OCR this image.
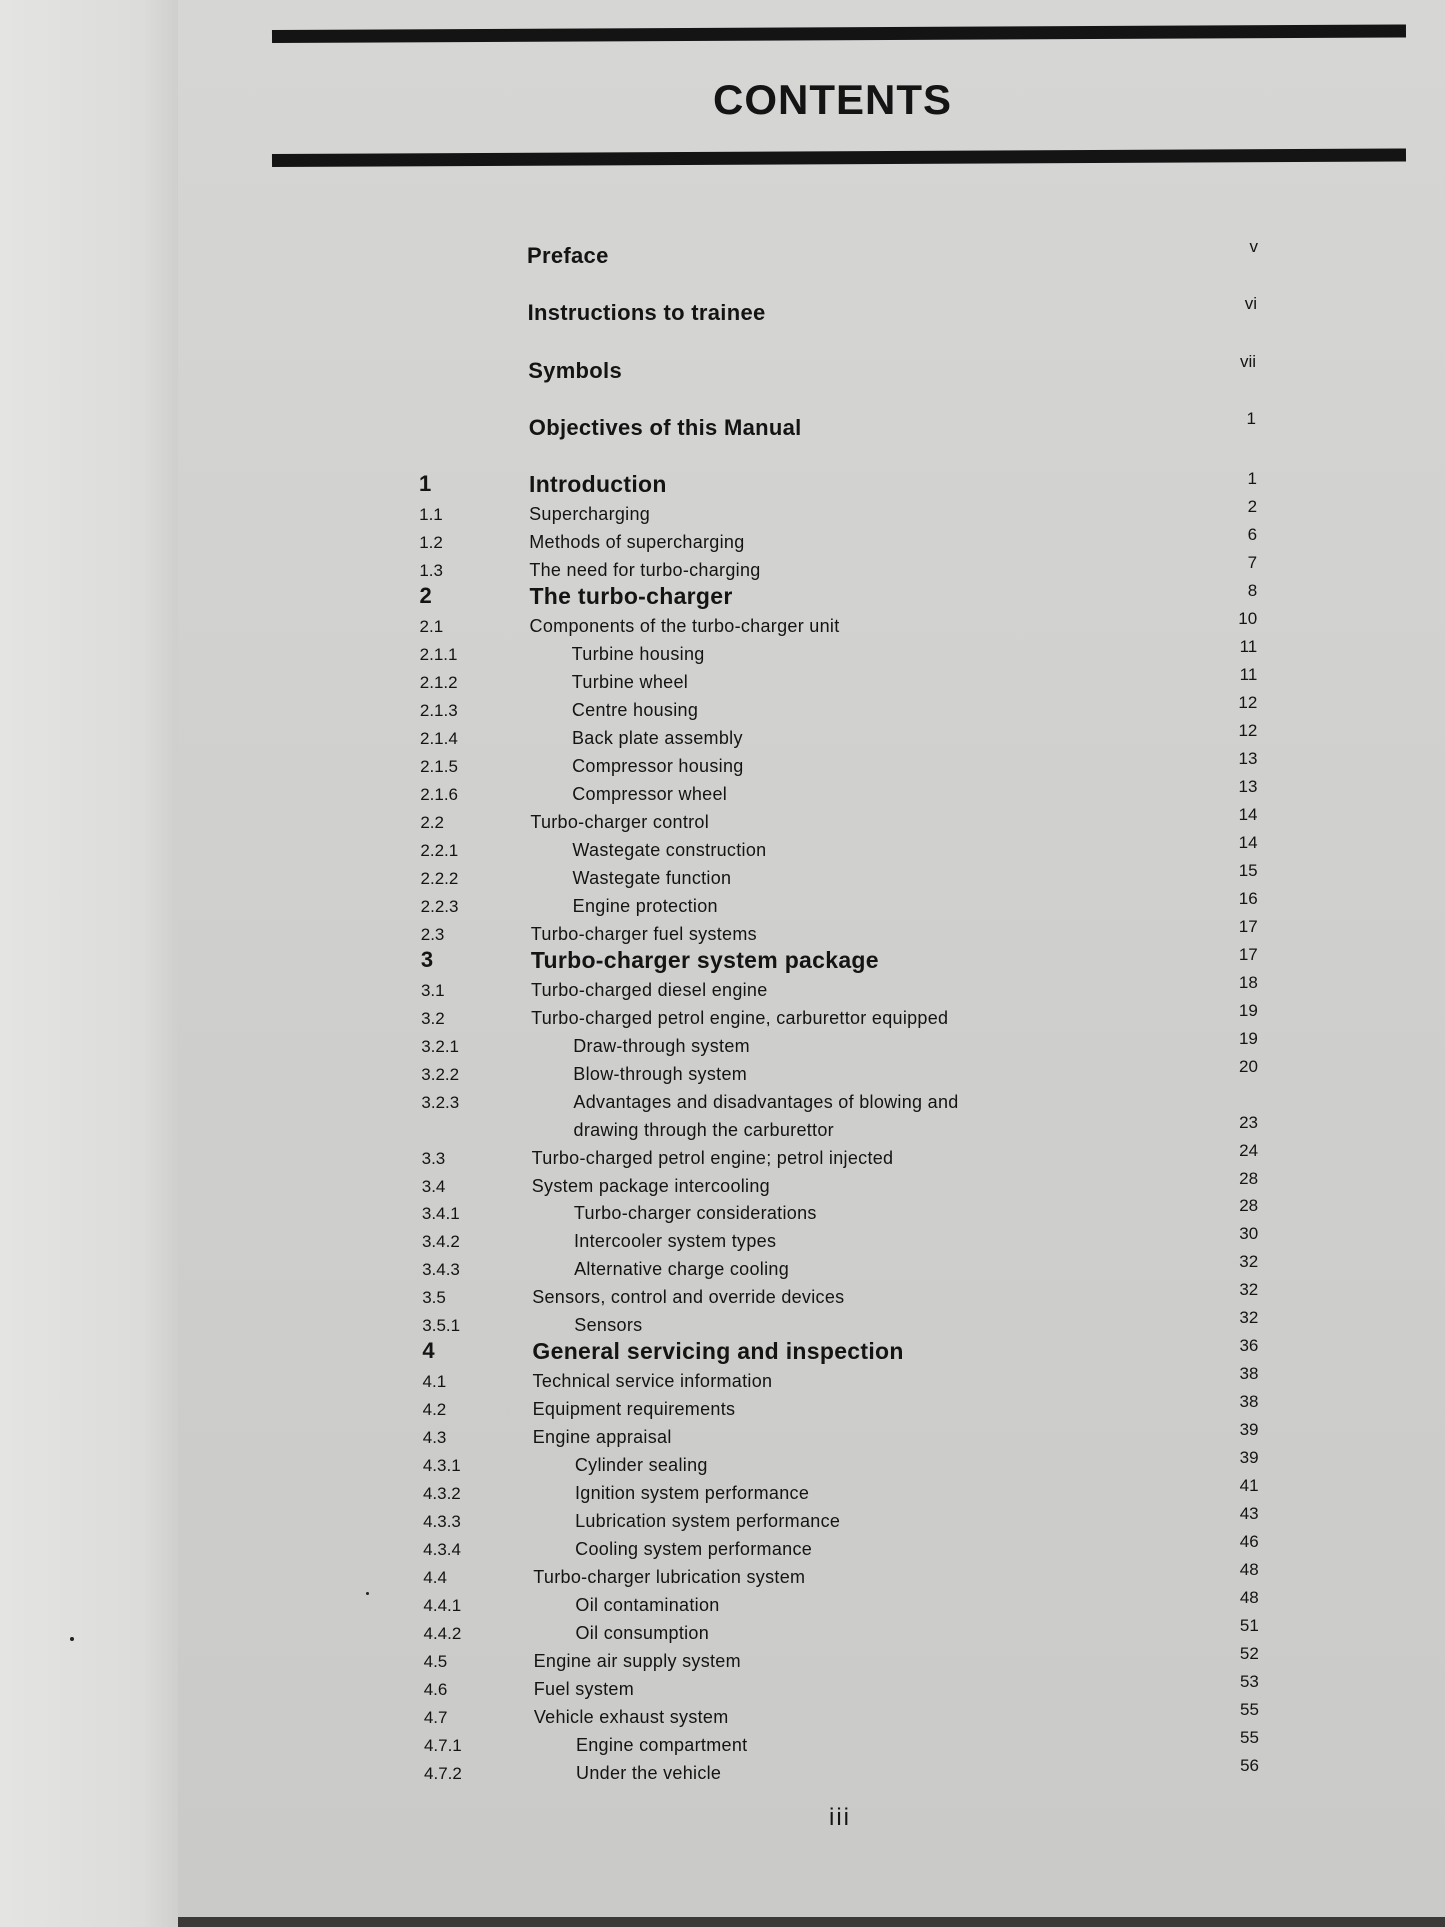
CONTENTS
Preface	v
Instructions to trainee	vi
Symbols	vii
Objectives of this Manual	1
1	Introduction	1
1.1	Supercharging	2
1.2	Methods of supercharging	6
1.3	The need for turbo-charging	7
2	The turbo-charger	8
2.1	Components of the turbo-charger unit	10
2.1.1	Turbine housing	11
2.1.2	Turbine wheel	11
2.1.3	Centre housing	12
2.1.4	Back plate assembly	12
2.1.5	Compressor housing	13
2.1.6	Compressor wheel	13
2.2	Turbo-charger control	14
2.2.1	Wastegate construction	14
2.2.2	Wastegate function	15
2.2.3	Engine protection	16
2.3	Turbo-charger fuel systems	17
3	Turbo-charger system package	17
3.1	Turbo-charged diesel engine	18
3.2	Turbo-charged petrol engine, carburettor equipped	19
3.2.1	Draw-through system	19
3.2.2	Blow-through system	20
3.2.3	Advantages and disadvantages of blowing and
drawing through the carburettor	23
3.3	Turbo-charged petrol engine; petrol injected	24
3.4	System package intercooling	28
3.4.1	Turbo-charger considerations	28
3.4.2	Intercooler system types	30
3.4.3	Alternative charge cooling	32
3.5	Sensors, control and override devices	32
3.5.1	Sensors	32
4	General servicing and inspection	36
4.1	Technical service information	38
4.2	Equipment requirements	38
4.3	Engine appraisal	39
4.3.1	Cylinder sealing	39
4.3.2	Ignition system performance	41
4.3.3	Lubrication system performance	43
4.3.4	Cooling system performance	46
4.4	Turbo-charger lubrication system	48
4.4.1	Oil contamination	48
4.4.2	Oil consumption	51
4.5	Engine air supply system	52
4.6	Fuel system	53
4.7	Vehicle exhaust system	55
4.7.1	Engine compartment	55
4.7.2	Under the vehicle	56
iii
